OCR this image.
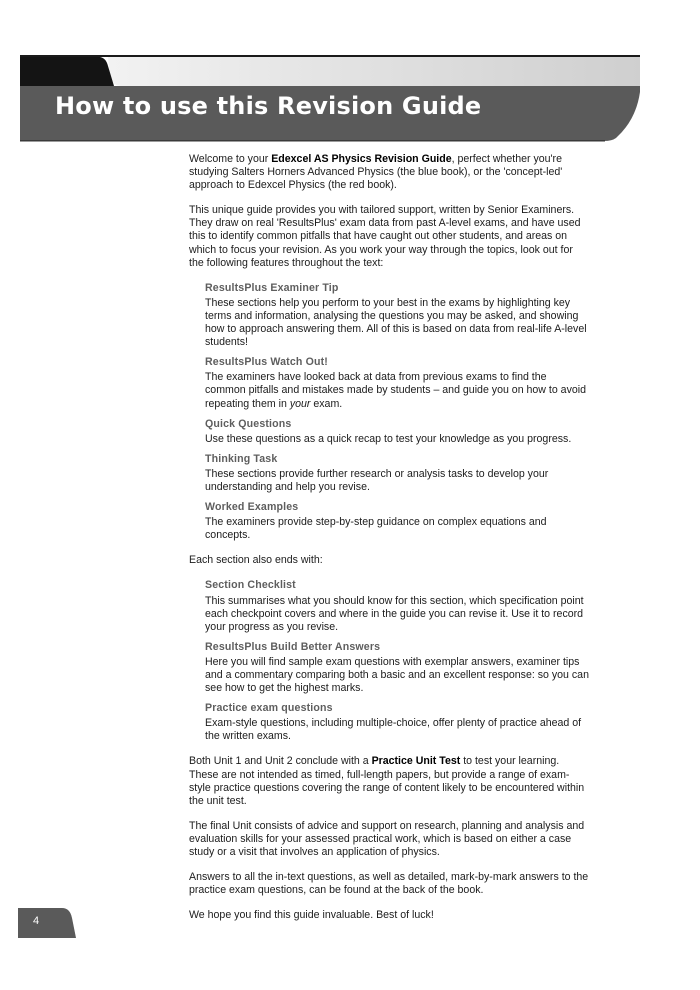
How to use this Revision Guide

Welcome to your Edexcel AS Physics Revision Guide, perfect whether you're studying Salters Horners Advanced Physics (the blue book), or the 'concept-led' approach to Edexcel Physics (the red book).

This unique guide provides you with tailored support, written by Senior Examiners. They draw on real 'ResultsPlus' exam data from past A-level exams, and have used this to identify common pitfalls that have caught out other students, and areas on which to focus your revision. As you work your way through the topics, look out for the following features throughout the text:

ResultsPlus Examiner Tip

These sections help you perform to your best in the exams by highlighting key terms and information, analysing the questions you may be asked, and showing how to approach answering them. All of this is based on data from real-life A-level students!

ResultsPlus Watch Out!

The examiners have looked back at data from previous exams to find the common pitfalls and mistakes made by students – and guide you on how to avoid repeating them in your exam.

Quick Questions

Use these questions as a quick recap to test your knowledge as you progress.

Thinking Task

These sections provide further research or analysis tasks to develop your understanding and help you revise.

Worked Examples

The examiners provide step-by-step guidance on complex equations and concepts.

Each section also ends with:

Section Checklist

This summarises what you should know for this section, which specification point each checkpoint covers and where in the guide you can revise it. Use it to record your progress as you revise.

ResultsPlus Build Better Answers

Here you will find sample exam questions with exemplar answers, examiner tips and a commentary comparing both a basic and an excellent response: so you can see how to get the highest marks.

Practice exam questions

Exam-style questions, including multiple-choice, offer plenty of practice ahead of the written exams.

Both Unit 1 and Unit 2 conclude with a Practice Unit Test to test your learning. These are not intended as timed, full-length papers, but provide a range of exam-style practice questions covering the range of content likely to be encountered within the unit test.

The final Unit consists of advice and support on research, planning and analysis and evaluation skills for your assessed practical work, which is based on either a case study or a visit that involves an application of physics.

Answers to all the in-text questions, as well as detailed, mark-by-mark answers to the practice exam questions, can be found at the back of the book.

We hope you find this guide invaluable. Best of luck!

4
